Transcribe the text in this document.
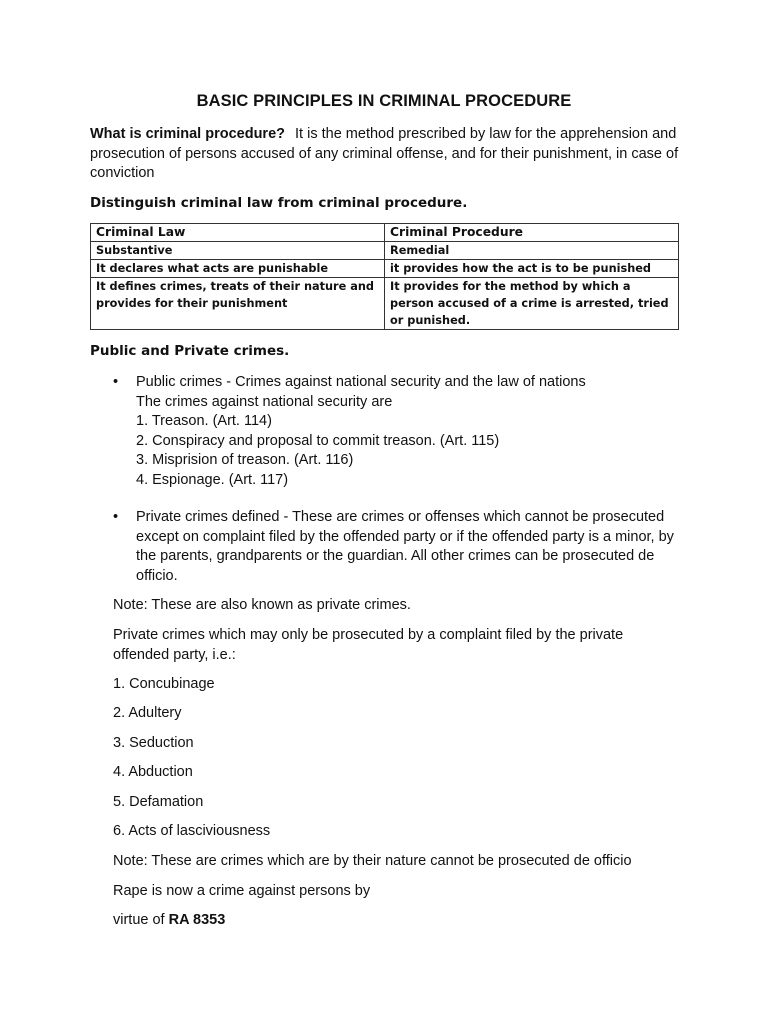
BASIC PRINCIPLES IN CRIMINAL PROCEDURE
What is criminal procedure? It is the method prescribed by law for the apprehension and prosecution of persons accused of any criminal offense, and for their punishment, in case of conviction
Distinguish criminal law from criminal procedure.
Criminal Law	Criminal Procedure
Substantive	Remedial
It declares what acts are punishable	it provides how the act is to be punished
It defines crimes, treats of their nature and provides for their punishment	It provides for the method by which a person accused of a crime is arrested, tried or punished.
Public and Private crimes.
• Public crimes - Crimes against national security and the law of nations
The crimes against national security are
1. Treason. (Art. 114)
2. Conspiracy and proposal to commit treason. (Art. 115)
3. Misprision of treason. (Art. 116)
4. Espionage. (Art. 117)
• Private crimes defined - These are crimes or offenses which cannot be prosecuted except on complaint filed by the offended party or if the offended party is a minor, by the parents, grandparents or the guardian. All other crimes can be prosecuted de officio.
Note: These are also known as private crimes.
Private crimes which may only be prosecuted by a complaint filed by the private offended party, i.e.:
1. Concubinage
2. Adultery
3. Seduction
4. Abduction
5. Defamation
6. Acts of lasciviousness
Note: These are crimes which are by their nature cannot be prosecuted de officio
Rape is now a crime against persons by
virtue of RA 8353
